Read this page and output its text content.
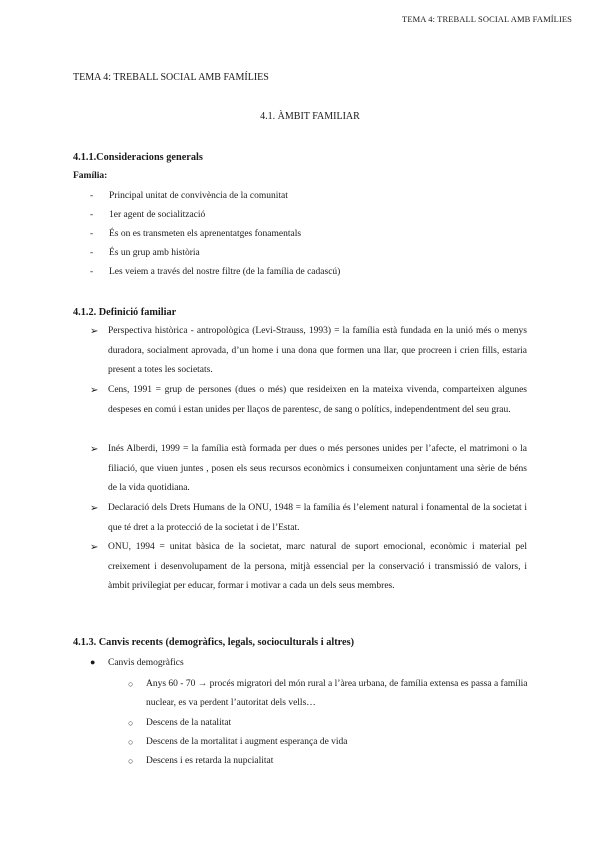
TEMA 4: TREBALL SOCIAL AMB FAMÍLIES
TEMA 4: TREBALL SOCIAL AMB FAMÍLIES
4.1. ÀMBIT FAMILIAR
4.1.1.Consideracions generals
Família:
- Principal unitat de convivència de la comunitat
- 1er agent de socialització
- És on es transmeten els aprenentatges fonamentals
- És un grup amb història
- Les veiem a través del nostre filtre (de la família de cadascú)
4.1.2. Definició familiar
➢ Perspectiva històrica - antropològica (Levi-Strauss, 1993) = la família està fundada en la unió més o menys duradora, socialment aprovada, d’un home i una dona que formen una llar, que procreen i crien fills, estaria present a totes les societats.
➢ Cens, 1991 = grup de persones (dues o més) que resideixen en la mateixa vivenda, comparteixen algunes despeses en comú i estan unides per llaços de parentesc, de sang o polítics, independentment del seu grau.
➢ Inés Alberdi, 1999 = la família està formada per dues o més persones unides per l’afecte, el matrimoni o la filiació, que viuen juntes , posen els seus recursos econòmics i consumeixen conjuntament una sèrie de béns de la vida quotidiana.
➢ Declaració dels Drets Humans de la ONU, 1948 = la família és l’element natural i fonamental de la societat i que té dret a la protecció de la societat i de l’Estat.
➢ ONU, 1994 = unitat bàsica de la societat, marc natural de suport emocional, econòmic i material pel creixement i desenvolupament de la persona, mitjà essencial per la conservació i transmissió de valors, i àmbit privilegiat per educar, formar i motivar a cada un dels seus membres.
4.1.3. Canvis recents (demogràfics, legals, socioculturals i altres)
● Canvis demogràfics
○ Anys 60 - 70 → procés migratori del món rural a l’àrea urbana, de família extensa es passa a família nuclear, es va perdent l’autoritat dels vells…
○ Descens de la natalitat
○ Descens de la mortalitat i augment esperança de vida
○ Descens i es retarda la nupcialitat
